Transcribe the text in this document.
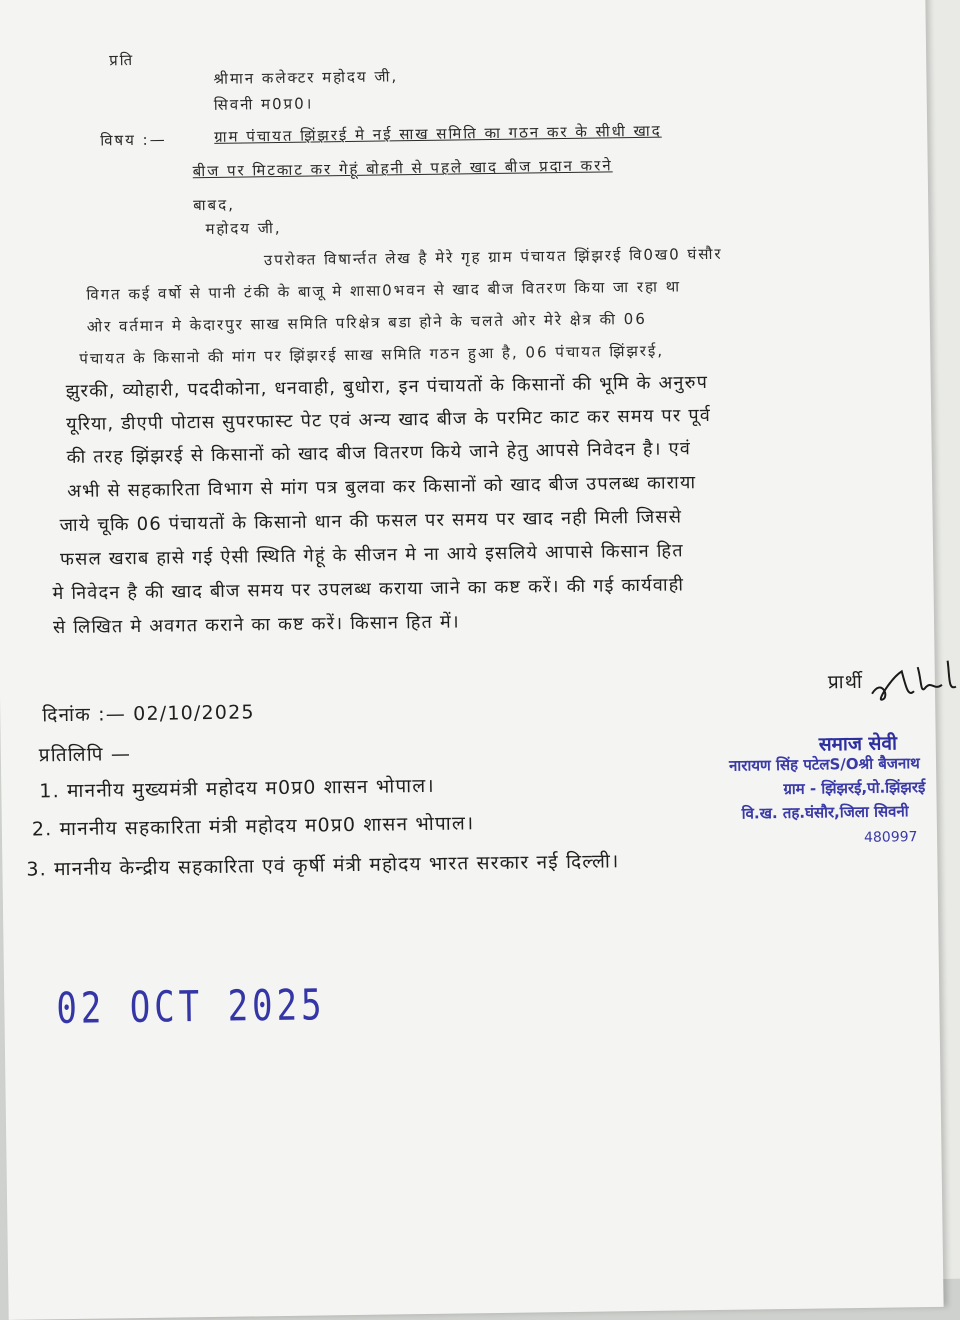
प्रति
श्रीमान कलेक्टर महोदय जी,
सिवनी म0प्र0।
विषय :—	ग्राम पंचायत झिंझरई मे नई साख समिति का गठन कर के सीधी खाद
बीज पर मिटकाट कर गेहूं बोहनी से पहले खाद बीज प्रदान करने
बाबद,
महोदय जी,
उपरोक्त विषार्न्तत लेख है मेरे गृह ग्राम पंचायत झिंझरई वि0ख0 घंसौर
विगत कई वर्षो से पानी टंकी के बाजू मे शासा0भवन से खाद बीज वितरण किया जा रहा था
ओर वर्तमान मे केदारपुर साख समिति परिक्षेत्र बडा होने के चलते ओर मेरे क्षेत्र की 06
पंचायत के किसानो की मांग पर झिंझरई साख समिति गठन हुआ है, 06 पंचायत झिंझरई,
झुरकी, व्योहारी, पददीकोना, धनवाही, बुधोरा, इन पंचायतों के किसानों की भूमि के अनुरुप
यूरिया, डीएपी पोटास सुपरफास्ट पेट एवं अन्य खाद बीज के परमिट काट कर समय पर पूर्व
की तरह झिंझरई से किसानों को खाद बीज वितरण किये जाने हेतु आपसे निवेदन है। एवं
अभी से सहकारिता विभाग से मांग पत्र बुलवा कर किसानों को खाद बीज उपलब्ध काराया
जाये चूकि 06 पंचायतों के किसानो धान की फसल पर समय पर खाद नही मिली जिससे
फसल खराब हासे गई ऐसी स्थिति गेहूं के सीजन मे ना आये इसलिये आपासे किसान हित
मे निवेदन है की खाद बीज समय पर उपलब्ध कराया जाने का कष्ट करें। की गई कार्यवाही
से लिखित मे अवगत कराने का कष्ट करें। किसान हित में।
दिनांक :— 02/10/2025
प्रार्थी
प्रतिलिपि —
1. माननीय मुख्यमंत्री महोदय म0प्र0 शासन भोपाल।
2. माननीय सहकारिता मंत्री महोदय म0प्र0 शासन भोपाल।
3. माननीय केन्द्रीय सहकारिता एवं कृर्षी मंत्री महोदय भारत सरकार नई दिल्ली।
समाज सेवी
नारायण सिंह पटेलS/Oश्री बैजनाथ
ग्राम - झिंझरई,पो.झिंझरई
वि.ख. तह.घंसौर,जिला सिवनी
480997
02 OCT 2025
